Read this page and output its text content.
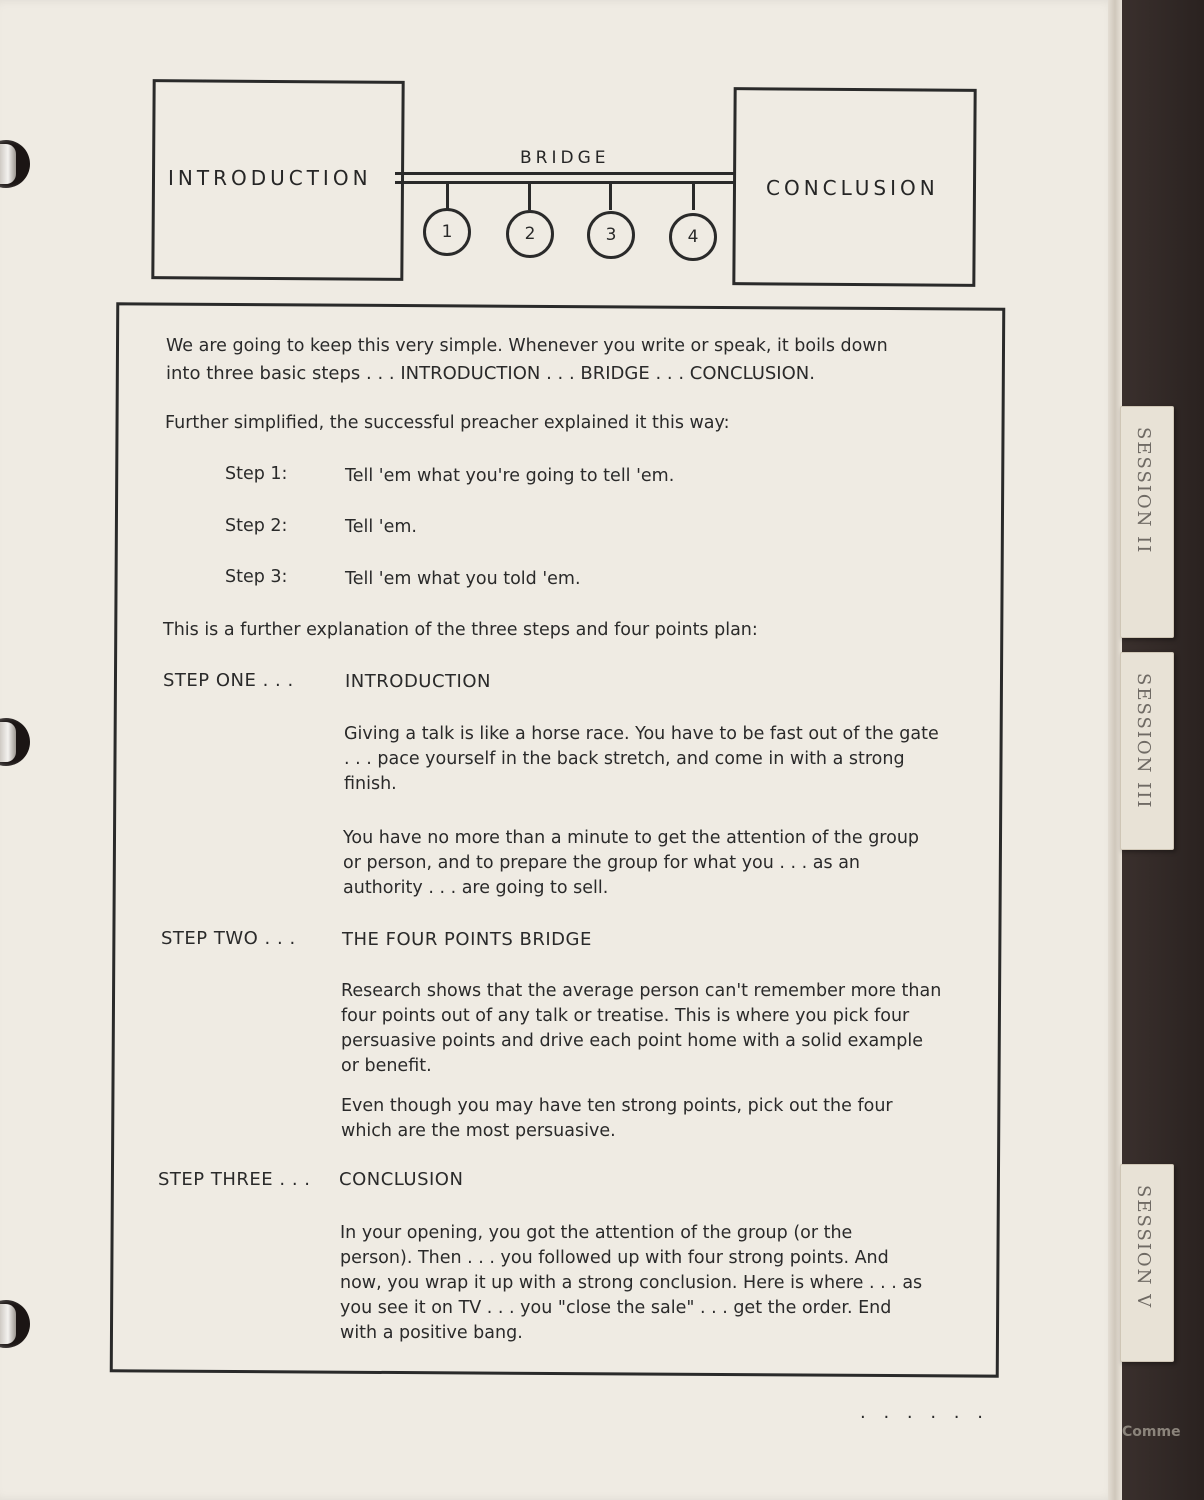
INTRODUCTION	CONCLUSION
BRIDGE
1	2	3	4
We are going to keep this very simple. Whenever you write or speak, it boils down
into three basic steps . . . INTRODUCTION . . . BRIDGE . . . CONCLUSION.
Further simplified, the successful preacher explained it this way:
Step 1:	Tell 'em what you're going to tell 'em.
Step 2:	Tell 'em.
Step 3:	Tell 'em what you told 'em.
This is a further explanation of the three steps and four points plan:
STEP ONE . . .	INTRODUCTION
Giving a talk is like a horse race. You have to be fast out of the gate . . . pace yourself in the back stretch, and come in with a strong finish.
You have no more than a minute to get the attention of the group or person, and to prepare the group for what you . . . as an authority . . . are going to sell.
STEP TWO . . .	THE FOUR POINTS BRIDGE
Research shows that the average person can't remember more than four points out of any talk or treatise. This is where you pick four persuasive points and drive each point home with a solid example or benefit.
Even though you may have ten strong points, pick out the four which are the most persuasive.
STEP THREE . . . CONCLUSION
In your opening, you got the attention of the group (or the person). Then . . . you followed up with four strong points. And now, you wrap it up with a strong conclusion. Here is where . . . as you see it on TV . . . you "close the sale" . . . get the order. End with a positive bang.
. . . . . .
SESSION II
SESSION III
SESSION V
Comme
